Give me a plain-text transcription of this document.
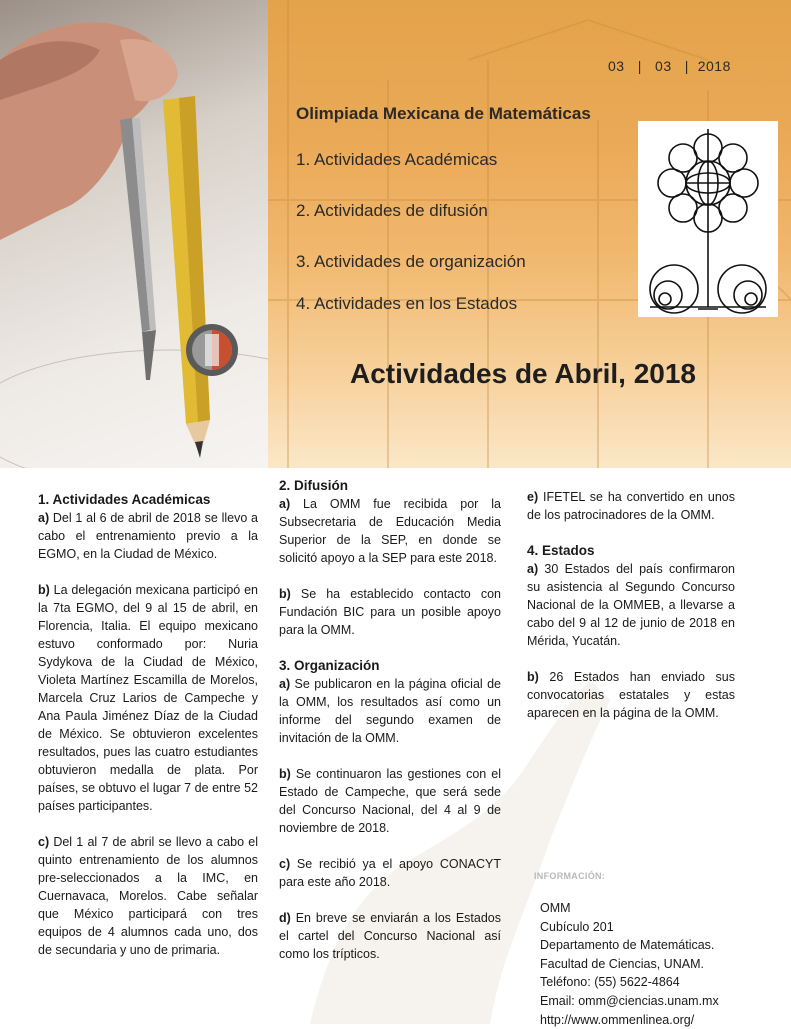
03   |   03   |  2018
Olimpiada Mexicana de Matemáticas
1. Actividades Académicas
2. Actividades de difusión
3. Actividades de organización
4. Actividades en los Estados
Actividades de Abril, 2018
1. Actividades Académicas

a) Del 1 al 6 de abril de 2018 se llevo a cabo el entrenamiento previo a la EGMO, en la Ciudad de México.

b) La delegación mexicana participó en la 7ta EGMO, del 9 al 15 de abril, en Florencia, Italia. El equipo mexicano estuvo conformado por: Nuria Sydykova de la Ciudad de México, Violeta Martínez Escamilla de Morelos, Marcela Cruz Larios de Campeche y Ana Paula Jiménez Díaz de la Ciudad de México. Se obtuvieron excelentes resultados, pues las cuatro estudiantes obtuvieron medalla de plata. Por países, se obtuvo el lugar 7 de entre 52 países participantes.

c) Del 1 al 7 de abril se llevo a cabo el quinto entrenamiento de los alumnos pre-seleccionados a la IMC, en Cuernavaca, Morelos. Cabe señalar que México participará con tres equipos de 4 alumnos cada uno, dos de secundaria y uno de primaria.

2. Difusión

a) La OMM fue recibida por la Subsecretaria de Educación Media Superior de la SEP, en donde se solicitó apoyo a la SEP para este 2018.

b) Se ha establecido contacto con Fundación BIC para un posible apoyo para la OMM.

3. Organización

a) Se publicaron en la página oficial de la OMM, los resultados así como un informe del segundo examen de invitación de la OMM.

b) Se continuaron las gestiones con el Estado de Campeche, que será sede del Concurso Nacional, del 4 al 9 de noviembre de 2018.

c) Se recibió ya el apoyo CONACYT para este año 2018.

d) En breve se enviarán a los Estados el cartel del Concurso Nacional así como los trípticos.

e) IFETEL se ha convertido en unos de los patrocinadores de la OMM.

4. Estados

a) 30 Estados del país confirmaron su asistencia al Segundo Concurso Nacional de la OMMEB, a llevarse a cabo del 9 al 12 de junio de 2018 en Mérida, Yucatán.

b) 26 Estados han enviado sus convocatorias estatales y estas aparecen en la página de la OMM.

INFORMACIÓN:
OMM
Cubículo 201
Departamento de Matemáticas.
Facultad de Ciencias, UNAM.
Teléfono: (55) 5622-4864
Email: omm@ciencias.unam.mx
http://www.ommenlinea.org/
